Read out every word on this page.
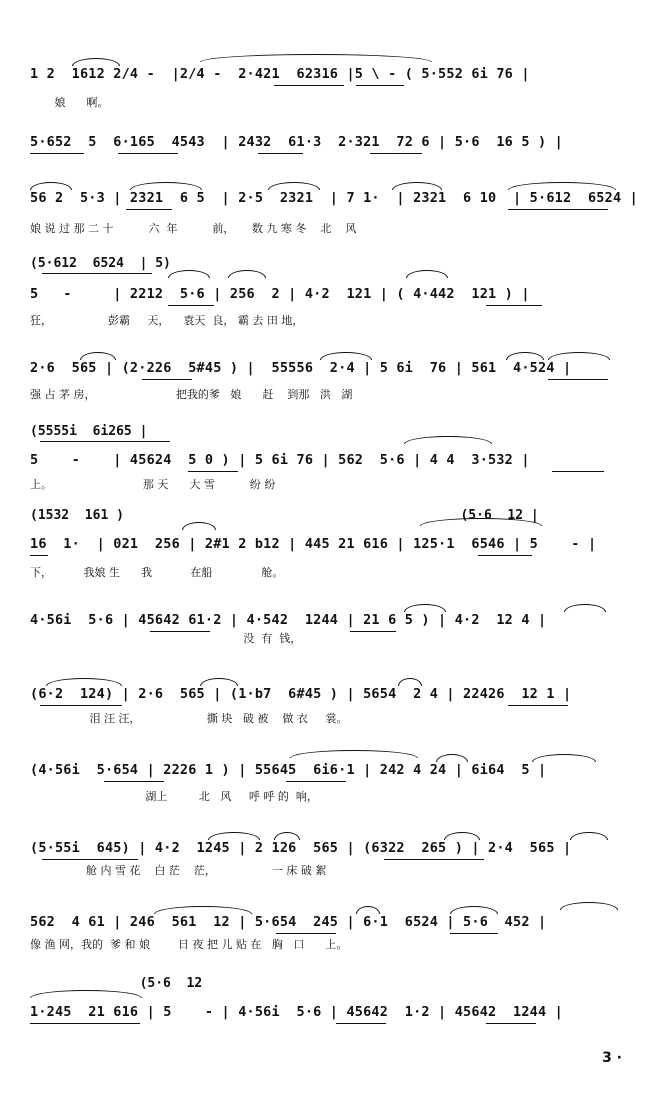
1 2  1612 2/4 -  |2/4 -  2·421  62316 |5 \ - ( 5·552 6i 76 |
娘      啊。
5·652  5  6·165  4543  | 2432  61·3  2·321  72 6 | 5·6  16 5 ) |
56 2  5·3 | 2321  6 5  | 2·5  2321  | 7 1·  | 2321  6 10  | 5·612  6524 |
娘 说 过 那 二 十          六  年          前，     数 九 寒 冬    北    风
(5·612  6524  | 5)
5   -     | 2212  5·6 | 256  2 | 4·2  121 | ( 4·442  121 ) |
狂，                彭霸     天，    袁天  良， 霸 去 田 地，
2·6  565 | (2·226  5#45 ) |  55556  2·4 | 5 6i  76 | 561  4·524 |
强 占 茅 房，                       把我的爹   娘      赶    到那   洪   湖
(5555i  6i265 |
5    -    | 45624  5 0 ) | 5 6i 76 | 562  5·6 | 4 4  3·532 |
上。                          那 天      大 雪          纷 纷
(1532  161 )                                           (5·6  12 |
16  1·  | 021  256 | 2#1 2 b12 | 445 21 616 | 125·1  6546 | 5    - |
下，         我娘 生      我           在船              舱。
4·56i  5·6 | 45642 61·2 | 4·542  1244 | 21 6 5 ) | 4·2  12 4 |
没  有  钱，
(6·2  124) | 2·6  565 | (1·b7  6#45 ) | 5654  2 4 | 22426  12 1 |
泪 汪 汪，                   撕 块   破 被    做 衣     裳。
(4·56i  5·654 | 2226 1 ) | 55645  6i6·1 | 242 4 24 | 6i64  5 |
湖上         北   风     呼 呼 的  响，
(5·55i  645) | 4·2  1245 | 2 126  565 | (6322  265 ) | 2·4  565 |
舱 内 雪 花    白 茫    茫，                一 床 破 絮
562  4 61 | 246  561  12 | 5·654  245 | 6·1  6524 | 5·6  452 |
像 渔 网，我的  爹 和 娘        日 夜 把 儿 贴 在   胸   口      上。
(5·6  12
1·245  21 616 | 5    - | 4·56i  5·6 | 45642  1·2 | 45642  1244 |
3 ·
